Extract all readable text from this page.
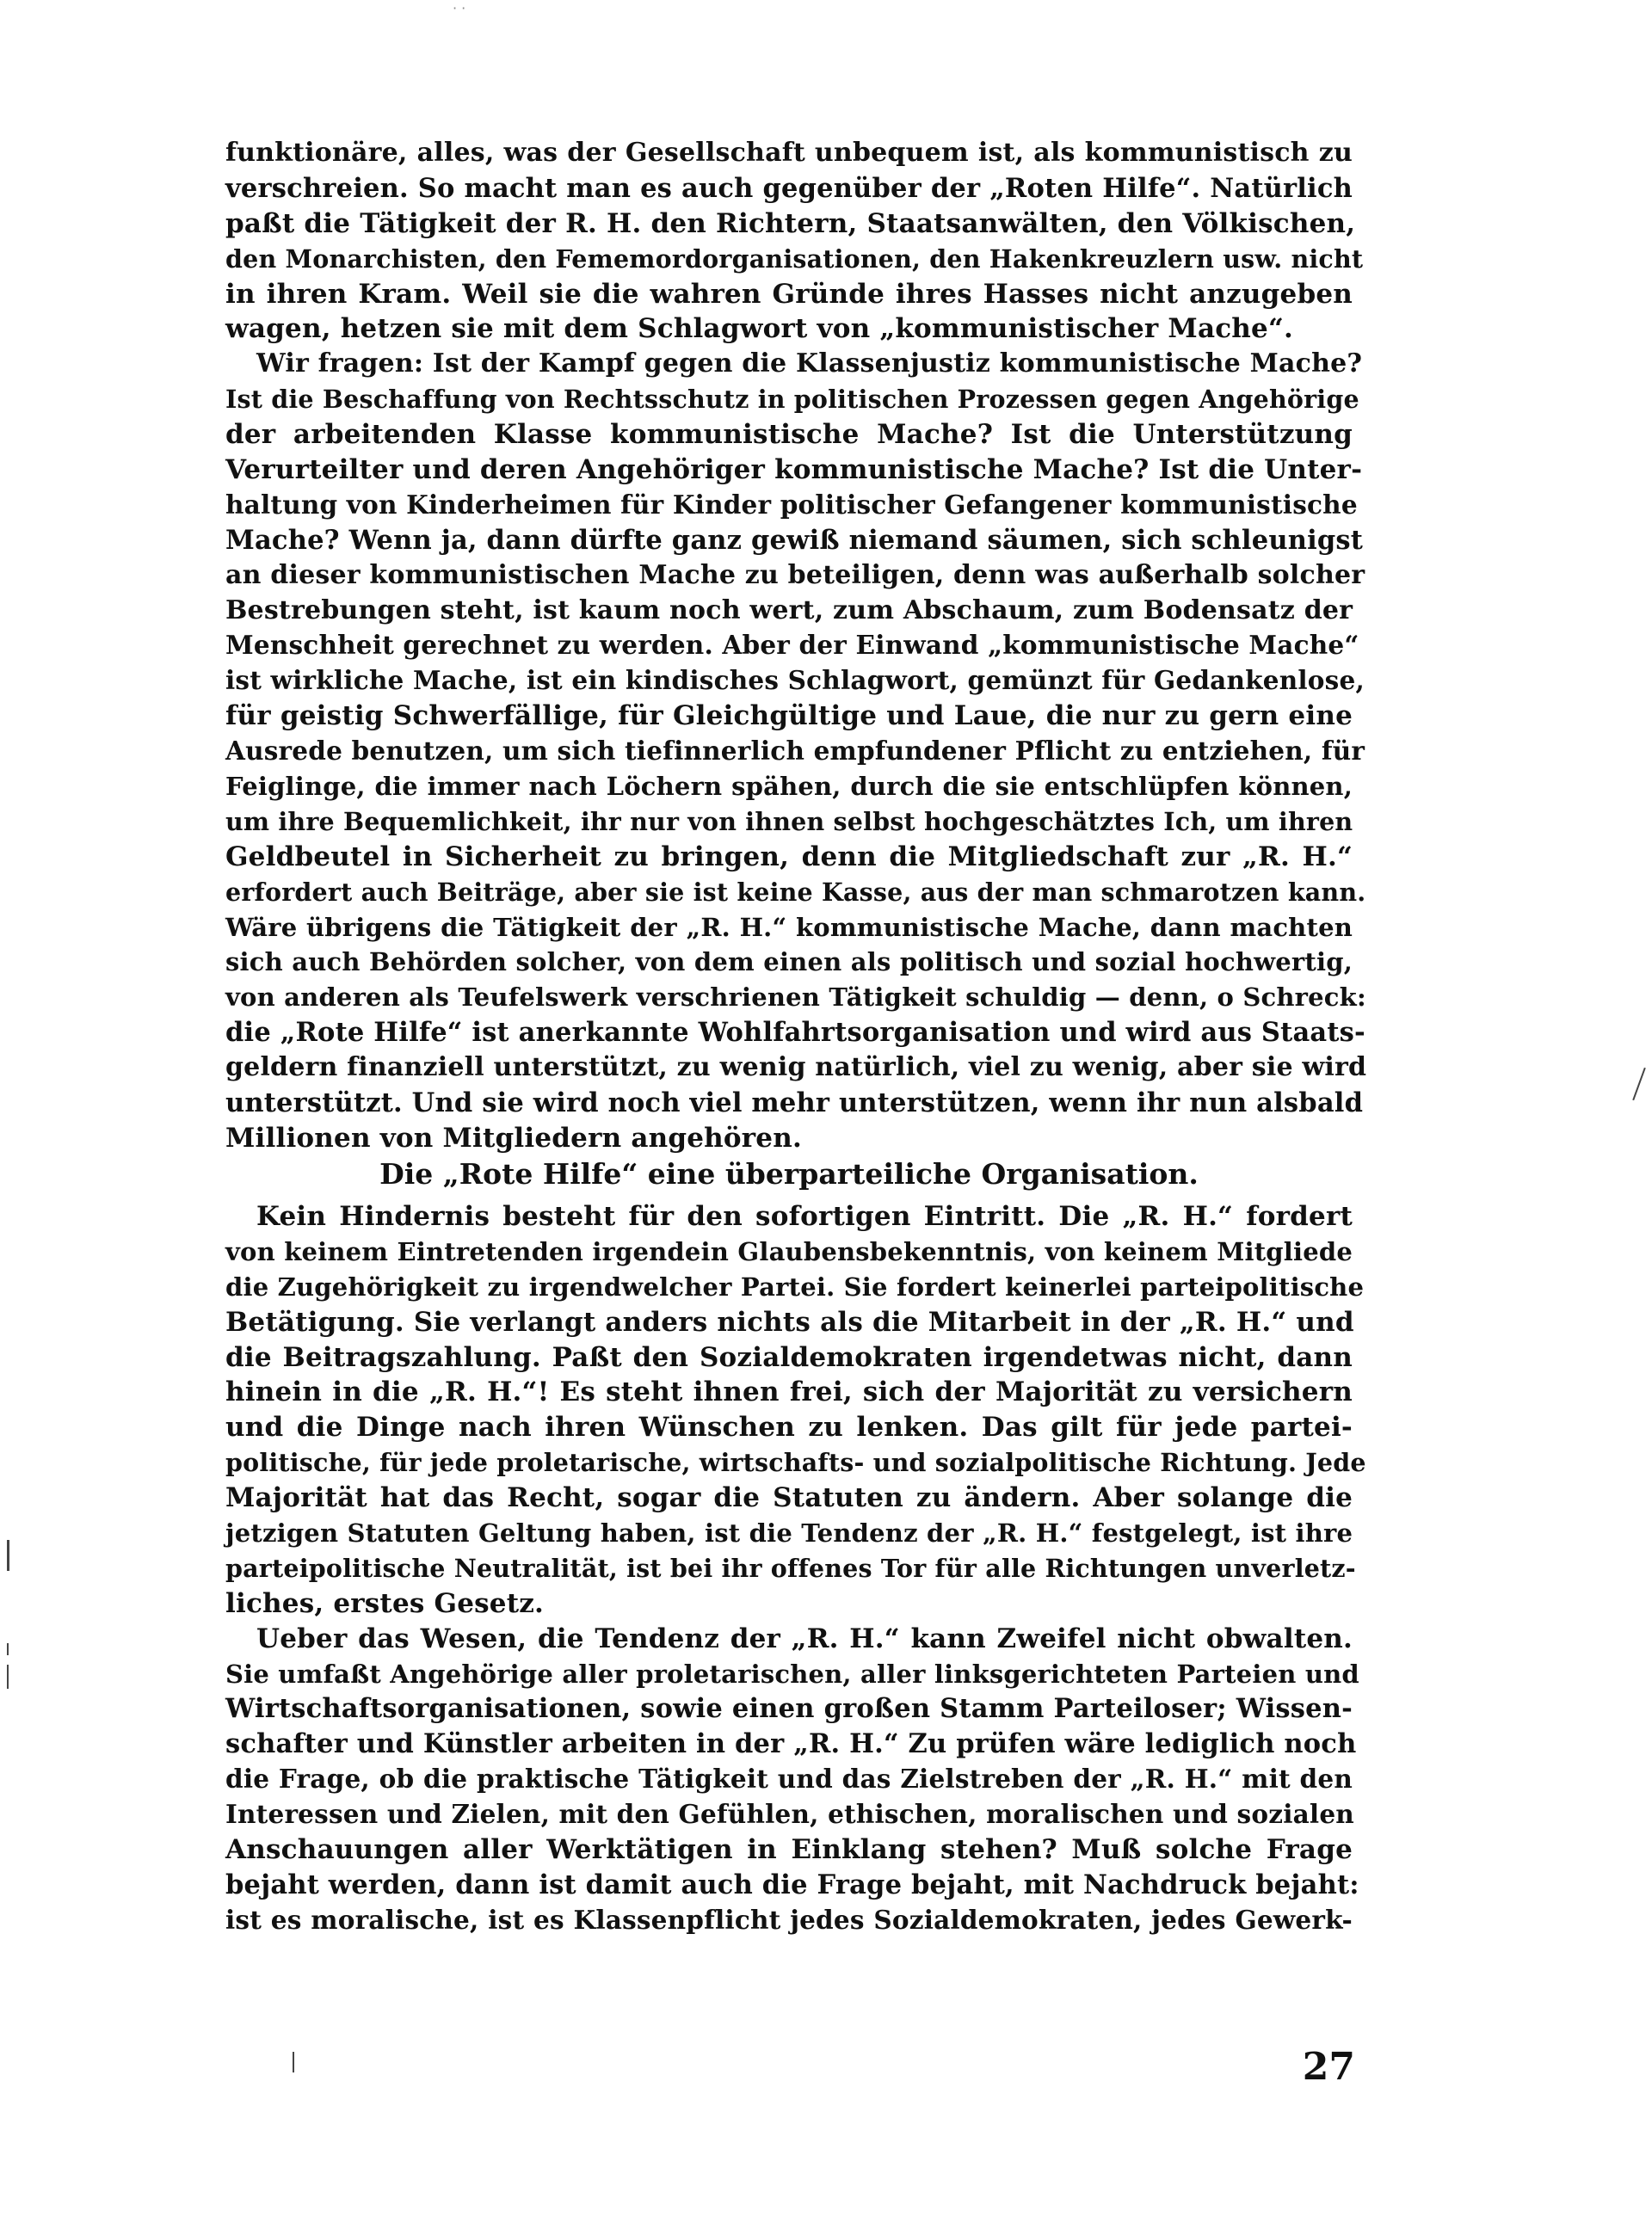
· ·
funktionäre, alles, was der Gesellschaft unbequem ist, als kommunistisch zu
verschreien. So macht man es auch gegenüber der „Roten Hilfe“. Natürlich
paßt die Tätigkeit der R. H. den Richtern, Staatsanwälten, den Völkischen,
den Monarchisten, den Fememordorganisationen, den Hakenkreuzlern usw. nicht
in ihren Kram. Weil sie die wahren Gründe ihres Hasses nicht anzugeben
wagen, hetzen sie mit dem Schlagwort von „kommunistischer Mache“.
Wir fragen: Ist der Kampf gegen die Klassenjustiz kommunistische Mache?
Ist die Beschaffung von Rechtsschutz in politischen Prozessen gegen Angehörige
der arbeitenden Klasse kommunistische Mache? Ist die Unterstützung
Verurteilter und deren Angehöriger kommunistische Mache? Ist die Unter-
haltung von Kinderheimen für Kinder politischer Gefangener kommunistische
Mache? Wenn ja, dann dürfte ganz gewiß niemand säumen, sich schleunigst
an dieser kommunistischen Mache zu beteiligen, denn was außerhalb solcher
Bestrebungen steht, ist kaum noch wert, zum Abschaum, zum Bodensatz der
Menschheit gerechnet zu werden. Aber der Einwand „kommunistische Mache“
ist wirkliche Mache, ist ein kindisches Schlagwort, gemünzt für Gedankenlose,
für geistig Schwerfällige, für Gleichgültige und Laue, die nur zu gern eine
Ausrede benutzen, um sich tiefinnerlich empfundener Pflicht zu entziehen, für
Feiglinge, die immer nach Löchern spähen, durch die sie entschlüpfen können,
um ihre Bequemlichkeit, ihr nur von ihnen selbst hochgeschätztes Ich, um ihren
Geldbeutel in Sicherheit zu bringen, denn die Mitgliedschaft zur „R. H.“
erfordert auch Beiträge, aber sie ist keine Kasse, aus der man schmarotzen kann.
Wäre übrigens die Tätigkeit der „R. H.“ kommunistische Mache, dann machten
sich auch Behörden solcher, von dem einen als politisch und sozial hochwertig,
von anderen als Teufelswerk verschrienen Tätigkeit schuldig — denn, o Schreck:
die „Rote Hilfe“ ist anerkannte Wohlfahrtsorganisation und wird aus Staats-
geldern finanziell unterstützt, zu wenig natürlich, viel zu wenig, aber sie wird
unterstützt. Und sie wird noch viel mehr unterstützen, wenn ihr nun alsbald
Millionen von Mitgliedern angehören.
Die „Rote Hilfe“ eine überparteiliche Organisation.
Kein Hindernis besteht für den sofortigen Eintritt. Die „R. H.“ fordert
von keinem Eintretenden irgendein Glaubensbekenntnis, von keinem Mitgliede
die Zugehörigkeit zu irgendwelcher Partei. Sie fordert keinerlei parteipolitische
Betätigung. Sie verlangt anders nichts als die Mitarbeit in der „R. H.“ und
die Beitragszahlung. Paßt den Sozialdemokraten irgendetwas nicht, dann
hinein in die „R. H.“! Es steht ihnen frei, sich der Majorität zu versichern
und die Dinge nach ihren Wünschen zu lenken. Das gilt für jede partei-
politische, für jede proletarische, wirtschafts- und sozialpolitische Richtung. Jede
Majorität hat das Recht, sogar die Statuten zu ändern. Aber solange die
jetzigen Statuten Geltung haben, ist die Tendenz der „R. H.“ festgelegt, ist ihre
parteipolitische Neutralität, ist bei ihr offenes Tor für alle Richtungen unverletz-
liches, erstes Gesetz.
Ueber das Wesen, die Tendenz der „R. H.“ kann Zweifel nicht obwalten.
Sie umfaßt Angehörige aller proletarischen, aller linksgerichteten Parteien und
Wirtschaftsorganisationen, sowie einen großen Stamm Parteiloser; Wissen-
schafter und Künstler arbeiten in der „R. H.“ Zu prüfen wäre lediglich noch
die Frage, ob die praktische Tätigkeit und das Zielstreben der „R. H.“ mit den
Interessen und Zielen, mit den Gefühlen, ethischen, moralischen und sozialen
Anschauungen aller Werktätigen in Einklang stehen? Muß solche Frage
bejaht werden, dann ist damit auch die Frage bejaht, mit Nachdruck bejaht:
ist es moralische, ist es Klassenpflicht jedes Sozialdemokraten, jedes Gewerk-
27
